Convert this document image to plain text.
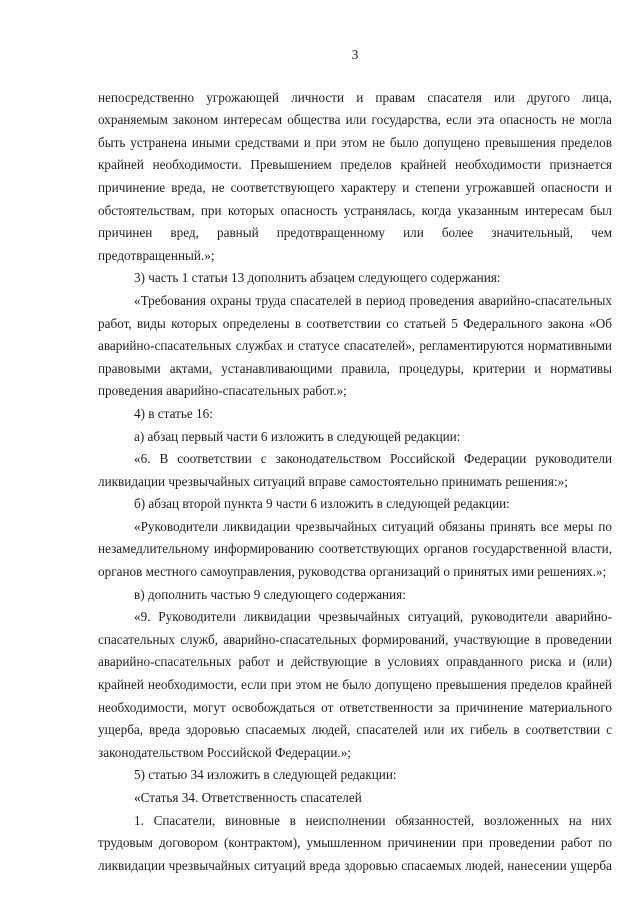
3

непосредственно угрожающей личности и правам спасателя или другого лица, охраняемым законом интересам общества или государства, если эта опасность не могла быть устранена иными средствами и при этом не было допущено превышения пределов крайней необходимости. Превышением пределов крайней необходимости признается причинение вреда, не соответствующего характеру и степени угрожавшей опасности и обстоятельствам, при которых опасность устранялась, когда указанным интересам был причинен вред, равный предотвращенному или более значительный, чем предотвращенный.»;

3) часть 1 статьи 13 дополнить абзацем следующего содержания:

«Требования охраны труда спасателей в период проведения аварийно-спасательных работ, виды которых определены в соответствии со статьей 5 Федерального закона «Об аварийно-спасательных службах и статусе спасателей», регламентируются нормативными правовыми актами, устанавливающими правила, процедуры, критерии и нормативы проведения аварийно-спасательных работ.»;

4) в статье 16:

а) абзац первый части 6 изложить в следующей редакции:

«6. В соответствии с законодательством Российской Федерации руководители ликвидации чрезвычайных ситуаций вправе самостоятельно принимать решения:»;

б) абзац второй пункта 9 части 6 изложить в следующей редакции:

«Руководители ликвидации чрезвычайных ситуаций обязаны принять все меры по незамедлительному информированию соответствующих органов государственной власти, органов местного самоуправления, руководства организаций о принятых ими решениях.»;

в) дополнить частью 9 следующего содержания:

«9. Руководители ликвидации чрезвычайных ситуаций, руководители аварийно-спасательных служб, аварийно-спасательных формирований, участвующие в проведении аварийно-спасательных работ и действующие в условиях оправданного риска и (или) крайней необходимости, если при этом не было допущено превышения пределов крайней необходимости, могут освобождаться от ответственности за причинение материального ущерба, вреда здоровью спасаемых людей, спасателей или их гибель в соответствии с законодательством Российской Федерации.»;

5) статью 34 изложить в следующей редакции:

«Статья 34. Ответственность спасателей

1. Спасатели, виновные в неисполнении обязанностей, возложенных на них трудовым договором (контрактом), умышленном причинении при проведении работ по ликвидации чрезвычайных ситуаций вреда здоровью спасаемых людей, нанесении ущерба
